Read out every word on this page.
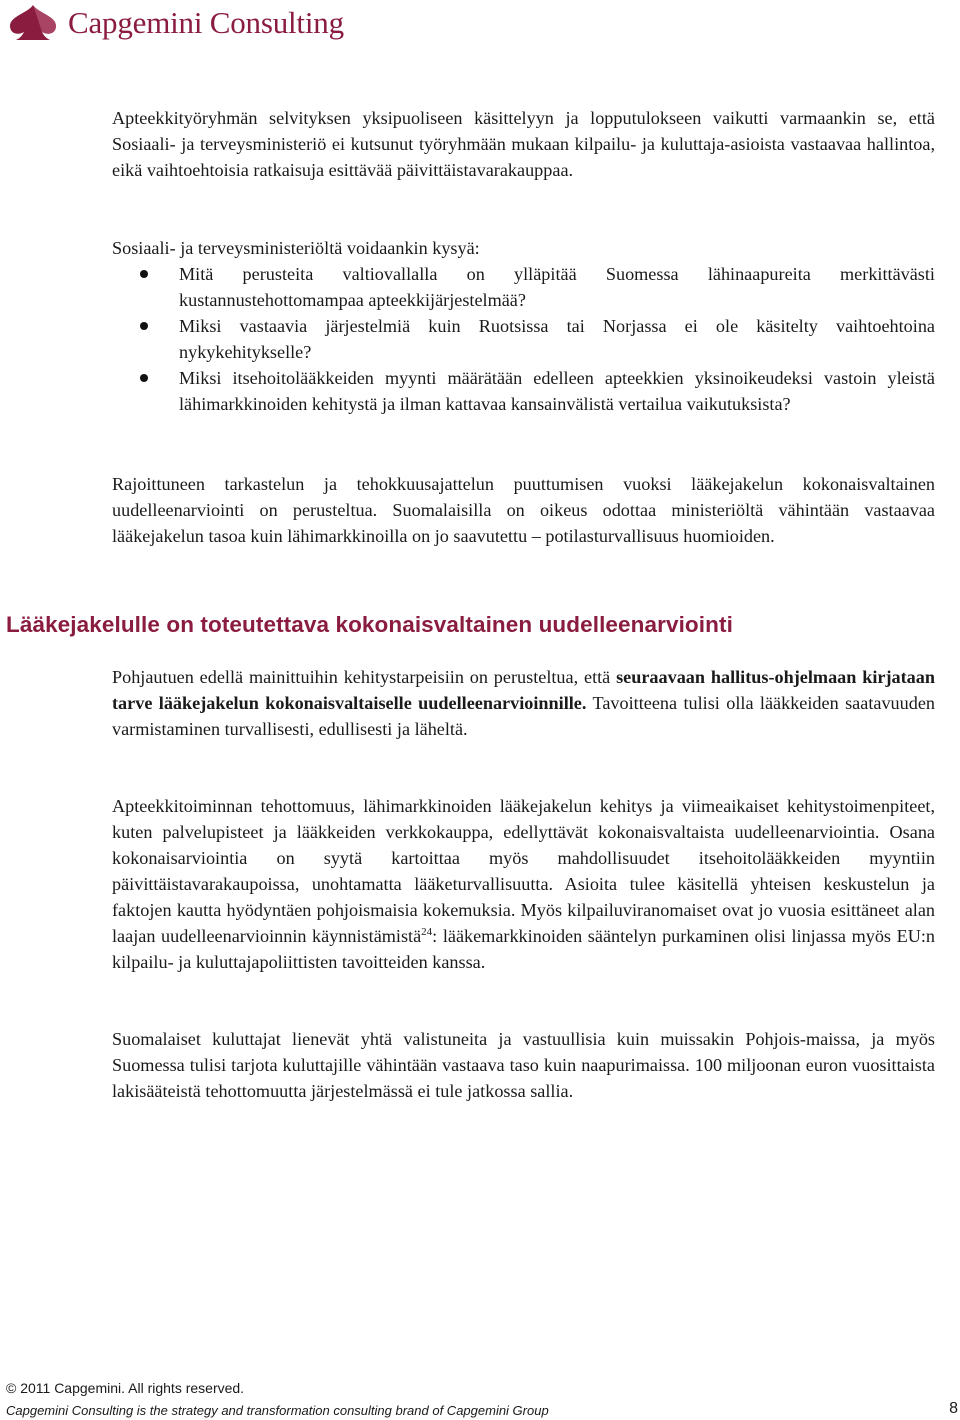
Capgemini Consulting

Apteekkityöryhmän selvityksen yksipuoliseen käsittelyyn ja lopputulokseen vaikutti varmaankin se, että Sosiaali- ja terveysministeriö ei kutsunut työryhmään mukaan kilpailu- ja kuluttaja-asioista vastaavaa hallintoa, eikä vaihtoehtoisia ratkaisuja esittävää päivittäistavarakauppaa.

Sosiaali- ja terveysministeriöltä voidaankin kysyä:

Mitä perusteita valtiovallalla on ylläpitää Suomessa lähinaapureita merkittävästi kustannustehottomampaa apteekkijärjestelmää?
Miksi vastaavia järjestelmiä kuin Ruotsissa tai Norjassa ei ole käsitelty vaihtoehtoina nykykehitykselle?
Miksi itsehoitolääkkeiden myynti määrätään edelleen apteekkien yksinoikeudeksi vastoin yleistä lähimarkkinoiden kehitystä ja ilman kattavaa kansainvälistä vertailua vaikutuksista?

Rajoittuneen tarkastelun ja tehokkuusajattelun puuttumisen vuoksi lääkejakelun kokonaisvaltainen uudelleenarviointi on perusteltua. Suomalaisilla on oikeus odottaa ministeriöltä vähintään vastaavaa lääkejakelun tasoa kuin lähimarkkinoilla on jo saavutettu – potilasturvallisuus huomioiden.

Lääkejakelulle on toteutettava kokonaisvaltainen uudelleenarviointi

Pohjautuen edellä mainittuihin kehitystarpeisiin on perusteltua, että seuraavaan hallitus-ohjelmaan kirjataan tarve lääkejakelun kokonaisvaltaiselle uudelleenarvioinnille. Tavoitteena tulisi olla lääkkeiden saatavuuden varmistaminen turvallisesti, edullisesti ja läheltä.

Apteekkitoiminnan tehottomuus, lähimarkkinoiden lääkejakelun kehitys ja viimeaikaiset kehitystoimenpiteet, kuten palvelupisteet ja lääkkeiden verkkokauppa, edellyttävät kokonaisvaltaista uudelleenarviointia. Osana kokonaisarviointia on syytä kartoittaa myös mahdollisuudet itsehoitolääkkeiden myyntiin päivittäistavarakaupoissa, unohtamatta lääketurvallisuutta. Asioita tulee käsitellä yhteisen keskustelun ja faktojen kautta hyödyntäen pohjoismaisia kokemuksia. Myös kilpailuviranomaiset ovat jo vuosia esittäneet alan laajan uudelleenarvioinnin käynnistämistä$^{24}$: lääkemarkkinoiden sääntelyn purkaminen olisi linjassa myös EU:n kilpailu- ja kuluttajapoliittisten tavoitteiden kanssa.

Suomalaiset kuluttajat lienevät yhtä valistuneita ja vastuullisia kuin muissakin Pohjois-maissa, ja myös Suomessa tulisi tarjota kuluttajille vähintään vastaava taso kuin naapurimaissa. 100 miljoonan euron vuosittaista lakisääteistä tehottomuutta järjestelmässä ei tule jatkossa sallia.

© 2011 Capgemini. All rights reserved.
Capgemini Consulting is the strategy and transformation consulting brand of Capgemini Group	8
